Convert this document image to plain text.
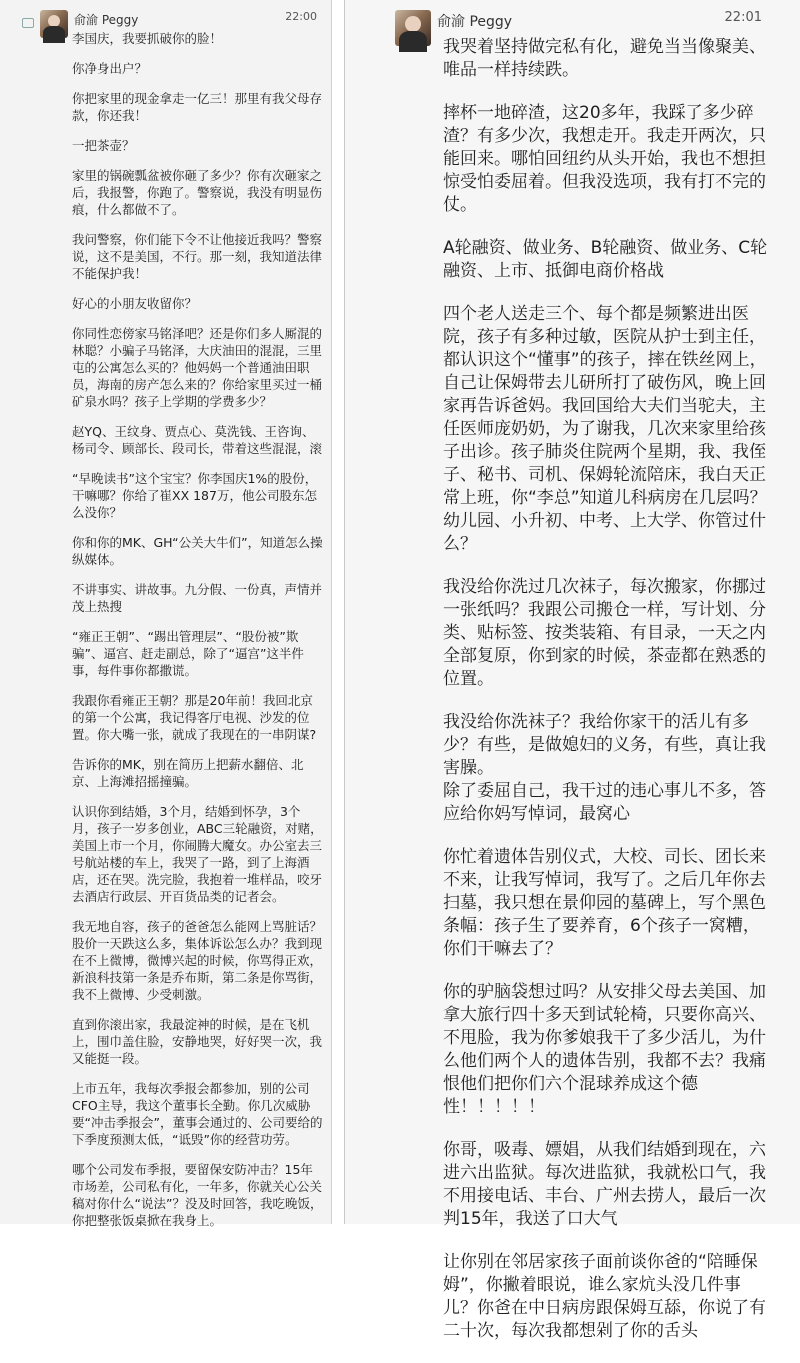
俞渝 Peggy	22:00

李国庆，我要抓破你的脸！

你净身出户？

你把家里的现金拿走一亿三！那里有我父母存款，你还我！

一把茶壶？

家里的锅碗瓢盆被你砸了多少？你有次砸家之后，我报警，你跑了。警察说，我没有明显伤痕，什么都做不了。

我问警察，你们能下令不让他接近我吗？警察说，这不是美国，不行。那一刻，我知道法律不能保护我！

好心的小朋友收留你？

你同性恋傍家马铭泽吧？还是你们多人厮混的林聪？小骗子马铭泽，大庆油田的混混，三里屯的公寓怎么买的？他妈妈一个普通油田职员，海南的房产怎么来的？你给家里买过一桶矿泉水吗？孩子上学期的学费多少？

赵YQ、王纹身、贾点心、莫洗钱、王咨询、杨司令、顾部长、段司长，带着这些混混，滚

“早晚读书”这个宝宝？你李国庆1%的股份，干嘛哪？你给了崔XX 187万，他公司股东怎么没你？

你和你的MK、GH“公关大牛们”，知道怎么操纵媒体。

不讲事实、讲故事。九分假、一份真，声情并茂上热搜

“雍正王朝”、“踢出管理层”、“股份被”欺骗”、逼宫、赶走副总，除了“逼宫”这半件事，每件事你都撒谎。

我跟你看雍正王朝？那是20年前！我回北京的第一个公寓，我记得客厅电视、沙发的位置。你大嘴一张，就成了我现在的一串阴谋?

告诉你的MK，别在简历上把薪水翻倍、北京、上海滩招摇撞骗。

认识你到结婚，3个月，结婚到怀孕，3个月，孩子一岁多创业，ABC三轮融资，对赌，美国上市一个月，你闹腾大魔女。办公室去三号航站楼的车上，我哭了一路，到了上海酒店，还在哭。洗完脸，我抱着一堆样品，咬牙去酒店行政层、开百货品类的记者会。

我无地自容，孩子的爸爸怎么能网上骂脏话？股价一天跌这么多，集体诉讼怎么办？我到现在不上微博，微博兴起的时候，你骂得正欢，新浪科技第一条是乔布斯，第二条是你骂街，我不上微博、少受刺激。

直到你滚出家，我最淀神的时候，是在飞机上，围巾盖住脸，安静地哭，好好哭一次，我又能挺一段。

上市五年，我每次季报会都参加，别的公司CFO主导，我这个董事长全勤。你几次威胁要“冲击季报会”，董事会通过的、公司要给的下季度预测太低，“诋毁”你的经营功劳。

哪个公司发布季报，要留保安防冲击？15年市场差，公司私有化，一年多，你就关心公关稿对你什么“说法”？没及时回答，我吃晚饭，你把整张饭桌掀在我身上。

俞渝 Peggy	22:01

我哭着坚持做完私有化，避免当当像聚美、唯品一样持续跌。

摔杯一地碎渣，这20多年，我踩了多少碎渣？有多少次，我想走开。我走开两次，只能回来。哪怕回纽约从头开始，我也不想担惊受怕委屈着。但我没选项，我有打不完的仗。

A轮融资、做业务、B轮融资、做业务、C轮融资、上市、抵御电商价格战

四个老人送走三个、每个都是频繁进出医院，孩子有多种过敏，医院从护士到主任，都认识这个“懂事”的孩子，摔在铁丝网上，自己让保姆带去儿研所打了破伤风，晚上回家再告诉爸妈。我回国给大夫们当驼夫，主任医师庞奶奶，为了谢我，几次来家里给孩子出诊。孩子肺炎住院两个星期，我、我侄子、秘书、司机、保姆轮流陪床，我白天正常上班，你“李总”知道儿科病房在几层吗？幼儿园、小升初、中考、上大学、你管过什么？

我没给你洗过几次袜子，每次搬家，你挪过一张纸吗？我跟公司搬仓一样，写计划、分类、贴标签、按类装箱、有目录，一天之内全部复原，你到家的时候，茶壶都在熟悉的位置。

我没给你洗袜子？我给你家干的活儿有多少？有些，是做媳妇的义务，有些，真让我害臊。
除了委屈自己，我干过的违心事儿不多，答应给你妈写悼词，最窝心

你忙着遗体告别仪式，大校、司长、团长来不来，让我写悼词，我写了。之后几年你去扫墓，我只想在景仰园的墓碑上，写个黑色条幅：孩子生了要养育，6个孩子一窝糟，你们干嘛去了？

你的驴脑袋想过吗？从安排父母去美国、加拿大旅行四十多天到试轮椅，只要你高兴、不甩脸，我为你爹娘我干了多少活儿，为什么他们两个人的遗体告别，我都不去？我痛恨他们把你们六个混球养成这个德性！！！！！

你哥，吸毒、嫖娼，从我们结婚到现在，六进六出监狱。每次进监狱，我就松口气，我不用接电话、丰台、广州去捞人，最后一次判15年，我送了口大气

让你别在邻居家孩子面前谈你爸的“陪睡保姆”，你撇着眼说，谁么家炕头没几件事儿？你爸在中日病房跟保姆互舔，你说了有二十次，每次我都想剁了你的舌头
